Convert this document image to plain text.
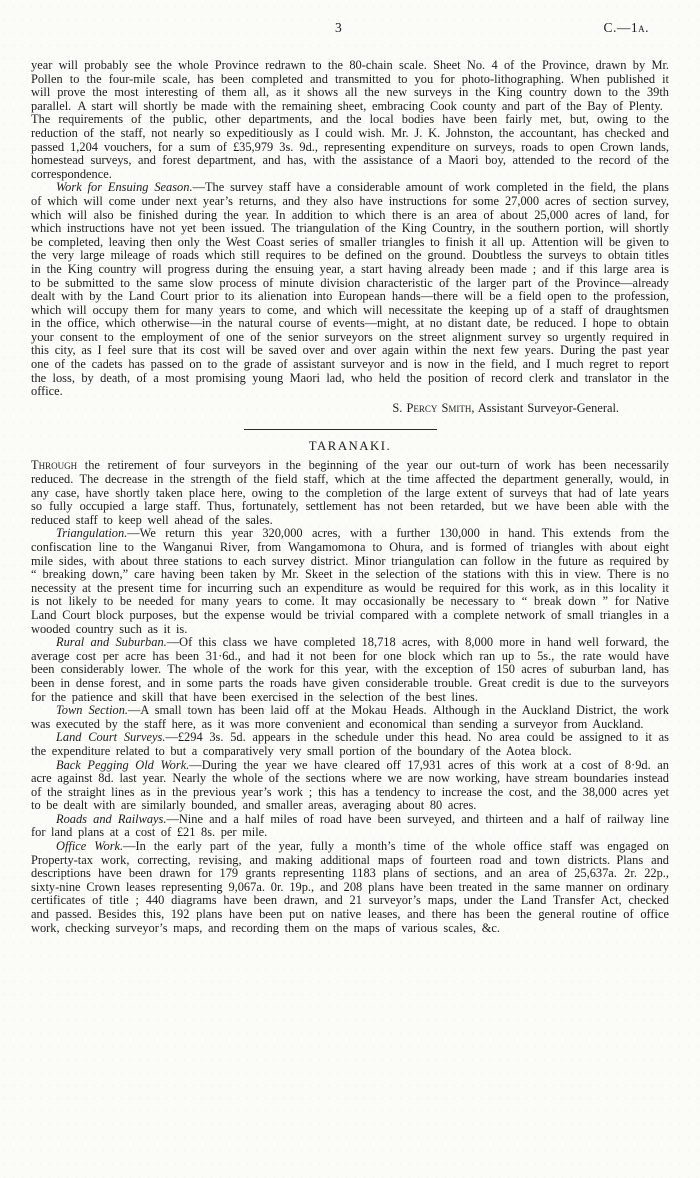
3	C.—1a.

year will probably see the whole Province redrawn to the 80-chain scale. Sheet No. 4 of the Province, drawn by Mr. Pollen to the four-mile scale, has been completed and transmitted to you for photo-lithographing. When published it will prove the most interesting of them all, as it shows all the new surveys in the King country down to the 39th parallel. A start will shortly be made with the remaining sheet, embracing Cook county and part of the Bay of Plenty. The requirements of the public, other departments, and the local bodies have been fairly met, but, owing to the reduction of the staff, not nearly so expeditiously as I could wish. Mr. J. K. Johnston, the accountant, has checked and passed 1,204 vouchers, for a sum of £35,979 3s. 9d., representing expenditure on surveys, roads to open Crown lands, homestead surveys, and forest department, and has, with the assistance of a Maori boy, attended to the record of the correspondence.

Work for Ensuing Season.—The survey staff have a considerable amount of work completed in the field, the plans of which will come under next year’s returns, and they also have instructions for some 27,000 acres of section survey, which will also be finished during the year. In addition to which there is an area of about 25,000 acres of land, for which instructions have not yet been issued. The triangulation of the King Country, in the southern portion, will shortly be completed, leaving then only the West Coast series of smaller triangles to finish it all up. Attention will be given to the very large mileage of roads which still requires to be defined on the ground. Doubtless the surveys to obtain titles in the King country will progress during the ensuing year, a start having already been made ; and if this large area is to be submitted to the same slow process of minute division characteristic of the larger part of the Province—already dealt with by the Land Court prior to its alienation into European hands—there will be a field open to the profession, which will occupy them for many years to come, and which will necessitate the keeping up of a staff of draughtsmen in the office, which otherwise—in the natural course of events—might, at no distant date, be reduced. I hope to obtain your consent to the employment of one of the senior surveyors on the street alignment survey so urgently required in this city, as I feel sure that its cost will be saved over and over again within the next few years. During the past year one of the cadets has passed on to the grade of assistant surveyor and is now in the field, and I much regret to report the loss, by death, of a most promising young Maori lad, who held the position of record clerk and translator in the office.

S. Percy Smith, Assistant Surveyor-General.

TARANAKI.

Through the retirement of four surveyors in the beginning of the year our out-turn of work has been necessarily reduced. The decrease in the strength of the field staff, which at the time affected the department generally, would, in any case, have shortly taken place here, owing to the completion of the large extent of surveys that had of late years so fully occupied a large staff. Thus, fortunately, settlement has not been retarded, but we have been able with the reduced staff to keep well ahead of the sales.

Triangulation.—We return this year 320,000 acres, with a further 130,000 in hand. This extends from the confiscation line to the Wanganui River, from Wangamomona to Ohura, and is formed of triangles with about eight mile sides, with about three stations to each survey district. Minor triangulation can follow in the future as required by “ breaking down,” care having been taken by Mr. Skeet in the selection of the stations with this in view. There is no necessity at the present time for incurring such an expenditure as would be required for this work, as in this locality it is not likely to be needed for many years to come. It may occasionally be necessary to “ break down ” for Native Land Court block purposes, but the expense would be trivial compared with a complete network of small triangles in a wooded country such as it is.

Rural and Suburban.—Of this class we have completed 18,718 acres, with 8,000 more in hand well forward, the average cost per acre has been 31·6d., and had it not been for one block which ran up to 5s., the rate would have been considerably lower. The whole of the work for this year, with the exception of 150 acres of suburban land, has been in dense forest, and in some parts the roads have given considerable trouble. Great credit is due to the surveyors for the patience and skill that have been exercised in the selection of the best lines.

Town Section.—A small town has been laid off at the Mokau Heads. Although in the Auckland District, the work was executed by the staff here, as it was more convenient and economical than sending a surveyor from Auckland.

Land Court Surveys.—£294 3s. 5d. appears in the schedule under this head. No area could be assigned to it as the expenditure related to but a comparatively very small portion of the boundary of the Aotea block.

Back Pegging Old Work.—During the year we have cleared off 17,931 acres of this work at a cost of 8·9d. an acre against 8d. last year. Nearly the whole of the sections where we are now working, have stream boundaries instead of the straight lines as in the previous year’s work ; this has a tendency to increase the cost, and the 38,000 acres yet to be dealt with are similarly bounded, and smaller areas, averaging about 80 acres.

Roads and Railways.—Nine and a half miles of road have been surveyed, and thirteen and a half of railway line for land plans at a cost of £21 8s. per mile.

Office Work.—In the early part of the year, fully a month’s time of the whole office staff was engaged on Property-tax work, correcting, revising, and making additional maps of fourteen road and town districts. Plans and descriptions have been drawn for 179 grants representing 1183 plans of sections, and an area of 25,637a. 2r. 22p., sixty-nine Crown leases representing 9,067a. 0r. 19p., and 208 plans have been treated in the same manner on ordinary certificates of title ; 440 diagrams have been drawn, and 21 surveyor’s maps, under the Land Transfer Act, checked and passed. Besides this, 192 plans have been put on native leases, and there has been the general routine of office work, checking surveyor’s maps, and recording them on the maps of various scales, &c.
